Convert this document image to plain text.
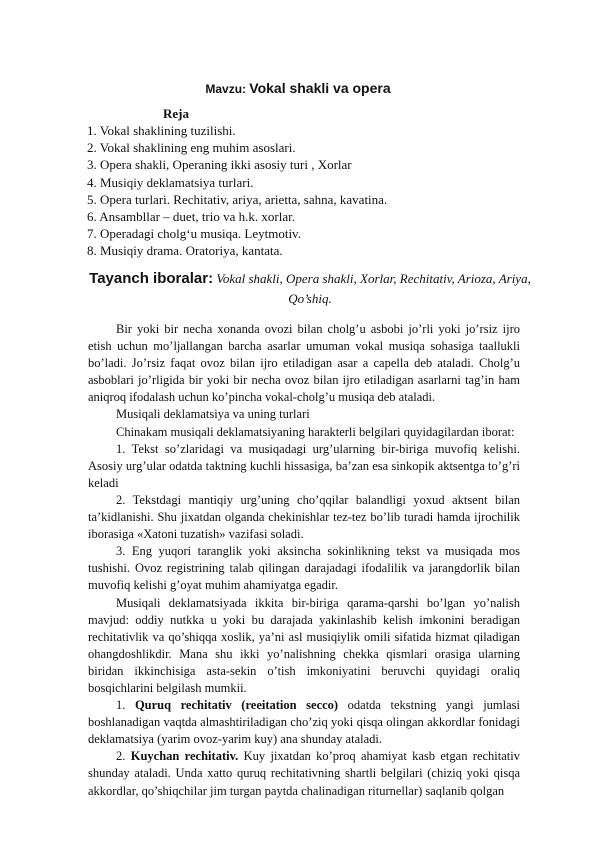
Mavzu: Vokal shakli va opera
Reja
1. Vokal shaklining tuzilishi.
2. Vokal shaklining eng muhim asoslari.
3. Opera shakli, Operaning ikki asosiy turi , Xorlar
4. Musiqiy deklamatsiya turlari.
5. Opera turlari. Rechitativ, ariya, arietta, sahna, kavatina.
6. Ansambllar – duet, trio va h.k. xorlar.
7. Operadagi cholg‘u musiqa. Leytmotiv.
8. Musiqiy drama. Oratoriya, kantata.
Tayanch iboralar: Vokal shakli, Opera shakli, Xorlar, Rechitativ, Arioza, Ariya, Qo’shiq.

Bir yoki bir necha xonanda ovozi bilan cholg’u asbobi jo’rli yoki jo’rsiz ijro etish uchun mo’ljallangan barcha asarlar umuman vokal musiqa sohasiga taallukli bo’ladi. Jo’rsiz faqat ovoz bilan ijro etiladigan asar a capella deb ataladi. Cholg’u asboblari jo’rligida bir yoki bir necha ovoz bilan ijro etiladigan asarlarni tag’in ham aniqroq ifodalash uchun ko’pincha vokal-cholg’u musiqa deb ataladi.

Musiqali deklamatsiya va uning turlari

Chinakam musiqali deklamatsiyaning harakterli belgilari quyidagilardan iborat:

1. Tekst so’zlaridagi va musiqadagi urg’ularning bir-biriga muvofiq kelishi. Asosiy urg’ular odatda taktning kuchli hissasiga, ba’zan esa sinkopik aktsentga to’g’ri keladi

2. Tekstdagi mantiqiy urg’uning cho’qqilar balandligi yoxud aktsent bilan ta’kidlanishi. Shu jixatdan olganda chekinishlar tez-tez bo’lib turadi hamda ijrochilik iborasiga «Xatoni tuzatish» vazifasi soladi.

3. Eng yuqori taranglik yoki aksincha sokinlikning tekst va musiqada mos tushishi. Ovoz registrining talab qilingan darajadagi ifodalilik va jarangdorlik bilan muvofiq kelishi g’oyat muhim ahamiyatga egadir.

Musiqali deklamatsiyada ikkita bir-biriga qarama-qarshi bo’lgan yo’nalish mavjud: oddiy nutkka u yoki bu darajada yakinlashib kelish imkonini beradigan rechitativlik va qo’shiqqa xoslik, ya’ni asl musiqiylik omili sifatida hizmat qiladigan ohangdoshlikdir. Mana shu ikki yo’nalishning chekka qismlari orasiga ularning biridan ikkinchisiga asta-sekin o’tish imkoniyatini beruvchi quyidagi oraliq bosqichlarini belgilash mumkii.

1. Quruq rechitativ (reeitation secco) odatda tekstning yangi jumlasi boshlanadigan vaqtda almashtiriladigan cho’ziq yoki qisqa olingan akkordlar fonidagi deklamatsiya (yarim ovoz-yarim kuy) ana shunday ataladi.

2. Kuychan rechitativ. Kuy jixatdan ko’proq ahamiyat kasb etgan rechitativ shunday ataladi. Unda xatto quruq rechitativning shartli belgilari (chiziq yoki qisqa akkordlar, qo’shiqchilar jim turgan paytda chalinadigan riturnellar) saqlanib qolgan
